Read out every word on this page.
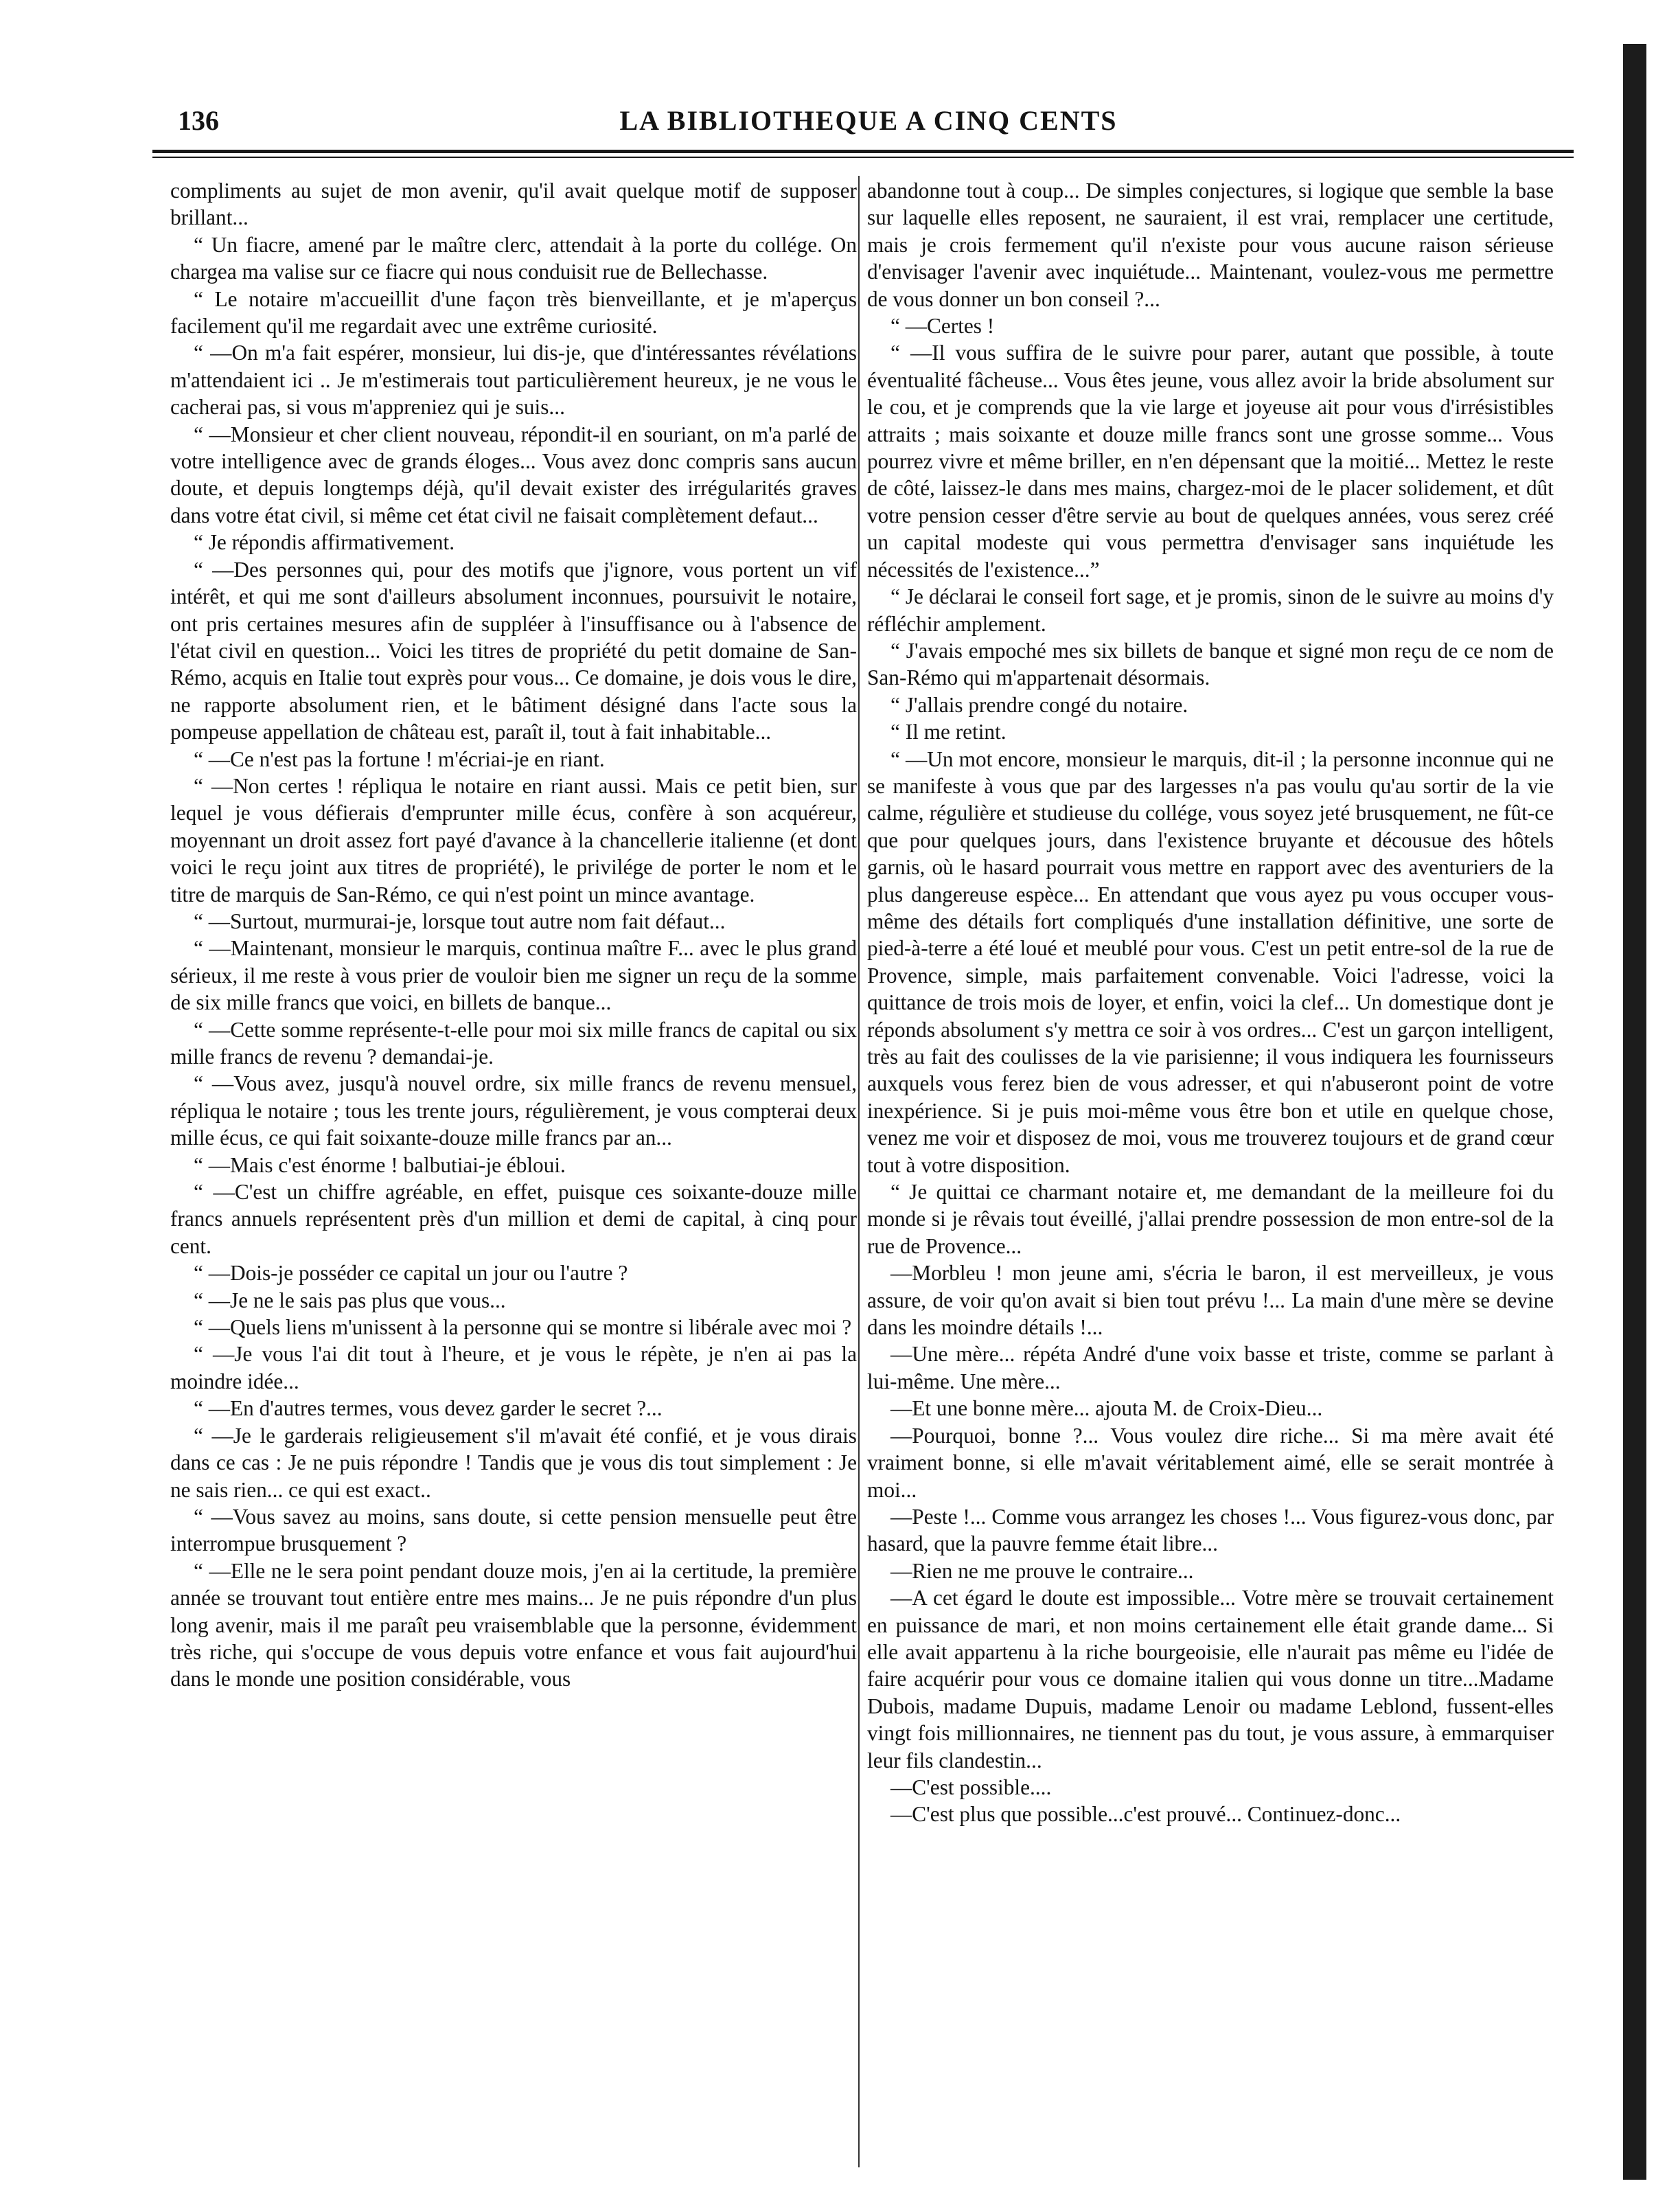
136	LA BIBLIOTHEQUE A CINQ CENTS

compliments au sujet de mon avenir, qu'il avait quelque motif de supposer brillant...

“ Un fiacre, amené par le maître clerc, attendait à la porte du collége. On chargea ma valise sur ce fiacre qui nous conduisit rue de Bellechasse.

“ Le notaire m'accueillit d'une façon très bienveillante, et je m'aperçus facilement qu'il me regardait avec une extrême curiosité.

“ —On m'a fait espérer, monsieur, lui dis-je, que d'intéressantes révélations m'attendaient ici .. Je m'estimerais tout particulièrement heureux, je ne vous le cacherai pas, si vous m'appreniez qui je suis...

“ —Monsieur et cher client nouveau, répondit-il en souriant, on m'a parlé de votre intelligence avec de grands éloges... Vous avez donc compris sans aucun doute, et depuis longtemps déjà, qu'il devait exister des irrégularités graves dans votre état civil, si même cet état civil ne faisait complètement defaut...

“ Je répondis affirmativement.

“ —Des personnes qui, pour des motifs que j'ignore, vous portent un vif intérêt, et qui me sont d'ailleurs absolument inconnues, poursuivit le notaire, ont pris certaines mesures afin de suppléer à l'insuffisance ou à l'absence de l'état civil en question... Voici les titres de propriété du petit domaine de San-Rémo, acquis en Italie tout exprès pour vous... Ce domaine, je dois vous le dire, ne rapporte absolument rien, et le bâtiment désigné dans l'acte sous la pompeuse appellation de château est, paraît il, tout à fait inhabitable...

“ —Ce n'est pas la fortune ! m'écriai-je en riant.

“ —Non certes ! répliqua le notaire en riant aussi. Mais ce petit bien, sur lequel je vous défierais d'emprunter mille écus, confère à son acquéreur, moyennant un droit assez fort payé d'avance à la chancellerie italienne (et dont voici le reçu joint aux titres de propriété), le privilége de porter le nom et le titre de marquis de San-Rémo, ce qui n'est point un mince avantage.

“ —Surtout, murmurai-je, lorsque tout autre nom fait défaut...

“ —Maintenant, monsieur le marquis, continua maître F... avec le plus grand sérieux, il me reste à vous prier de vouloir bien me signer un reçu de la somme de six mille francs que voici, en billets de banque...

“ —Cette somme représente-t-elle pour moi six mille francs de capital ou six mille francs de revenu ? demandai-je.

“ —Vous avez, jusqu'à nouvel ordre, six mille francs de revenu mensuel, répliqua le notaire ; tous les trente jours, régulièrement, je vous compterai deux mille écus, ce qui fait soixante-douze mille francs par an...

“ —Mais c'est énorme ! balbutiai-je ébloui.

“ —C'est un chiffre agréable, en effet, puisque ces soixante-douze mille francs annuels représentent près d'un million et demi de capital, à cinq pour cent.

“ —Dois-je posséder ce capital un jour ou l'autre ?

“ —Je ne le sais pas plus que vous...

“ —Quels liens m'unissent à la personne qui se montre si libérale avec moi ?

“ —Je vous l'ai dit tout à l'heure, et je vous le répète, je n'en ai pas la moindre idée...

“ —En d'autres termes, vous devez garder le secret ?...

“ —Je le garderais religieusement s'il m'avait été confié, et je vous dirais dans ce cas : Je ne puis répondre ! Tandis que je vous dis tout simplement : Je ne sais rien... ce qui est exact..

“ —Vous savez au moins, sans doute, si cette pension mensuelle peut être interrompue brusquement ?

“ —Elle ne le sera point pendant douze mois, j'en ai la certitude, la première année se trouvant tout entière entre mes mains... Je ne puis répondre d'un plus long avenir, mais il me paraît peu vraisemblable que la personne, évidemment très riche, qui s'occupe de vous depuis votre enfance et vous fait aujourd'hui dans le monde une position considérable, vous

abandonne tout à coup... De simples conjectures, si logique que semble la base sur laquelle elles reposent, ne sauraient, il est vrai, remplacer une certitude, mais je crois fermement qu'il n'existe pour vous aucune raison sérieuse d'envisager l'avenir avec inquiétude... Maintenant, voulez-vous me permettre de vous donner un bon conseil ?...

“ —Certes !

“ —Il vous suffira de le suivre pour parer, autant que possible, à toute éventualité fâcheuse... Vous êtes jeune, vous allez avoir la bride absolument sur le cou, et je comprends que la vie large et joyeuse ait pour vous d'irrésistibles attraits ; mais soixante et douze mille francs sont une grosse somme... Vous pourrez vivre et même briller, en n'en dépensant que la moitié... Mettez le reste de côté, laissez-le dans mes mains, chargez-moi de le placer solidement, et dût votre pension cesser d'être servie au bout de quelques années, vous serez créé un capital modeste qui vous permettra d'envisager sans inquiétude les nécessités de l'existence...”

“ Je déclarai le conseil fort sage, et je promis, sinon de le suivre au moins d'y réfléchir amplement.

“ J'avais empoché mes six billets de banque et signé mon reçu de ce nom de San-Rémo qui m'appartenait désormais.

“ J'allais prendre congé du notaire.

“ Il me retint.

“ —Un mot encore, monsieur le marquis, dit-il ; la personne inconnue qui ne se manifeste à vous que par des largesses n'a pas voulu qu'au sortir de la vie calme, régulière et studieuse du collége, vous soyez jeté brusquement, ne fût-ce que pour quelques jours, dans l'existence bruyante et décousue des hôtels garnis, où le hasard pourrait vous mettre en rapport avec des aventuriers de la plus dangereuse espèce... En attendant que vous ayez pu vous occuper vous-même des détails fort compliqués d'une installation définitive, une sorte de pied-à-terre a été loué et meublé pour vous. C'est un petit entre-sol de la rue de Provence, simple, mais parfaitement convenable. Voici l'adresse, voici la quittance de trois mois de loyer, et enfin, voici la clef... Un domestique dont je réponds absolument s'y mettra ce soir à vos ordres... C'est un garçon intelligent, très au fait des coulisses de la vie parisienne; il vous indiquera les fournisseurs auxquels vous ferez bien de vous adresser, et qui n'abuseront point de votre inexpérience. Si je puis moi-même vous être bon et utile en quelque chose, venez me voir et disposez de moi, vous me trouverez toujours et de grand cœur tout à votre disposition.

“ Je quittai ce charmant notaire et, me demandant de la meilleure foi du monde si je rêvais tout éveillé, j'allai prendre possession de mon entre-sol de la rue de Provence...

—Morbleu ! mon jeune ami, s'écria le baron, il est merveilleux, je vous assure, de voir qu'on avait si bien tout prévu !... La main d'une mère se devine dans les moindre détails !...

—Une mère... répéta André d'une voix basse et triste, comme se parlant à lui-même. Une mère...

—Et une bonne mère... ajouta M. de Croix-Dieu...

—Pourquoi, bonne ?... Vous voulez dire riche... Si ma mère avait été vraiment bonne, si elle m'avait véritablement aimé, elle se serait montrée à moi...

—Peste !... Comme vous arrangez les choses !... Vous figurez-vous donc, par hasard, que la pauvre femme était libre...

—Rien ne me prouve le contraire...

—A cet égard le doute est impossible... Votre mère se trouvait certainement en puissance de mari, et non moins certainement elle était grande dame... Si elle avait appartenu à la riche bourgeoisie, elle n'aurait pas même eu l'idée de faire acquérir pour vous ce domaine italien qui vous donne un titre...Madame Dubois, madame Dupuis, madame Lenoir ou madame Leblond, fussent-elles vingt fois millionnaires, ne tiennent pas du tout, je vous assure, à emmarquiser leur fils clandestin...

—C'est possible....

—C'est plus que possible...c'est prouvé... Continuez-donc...
